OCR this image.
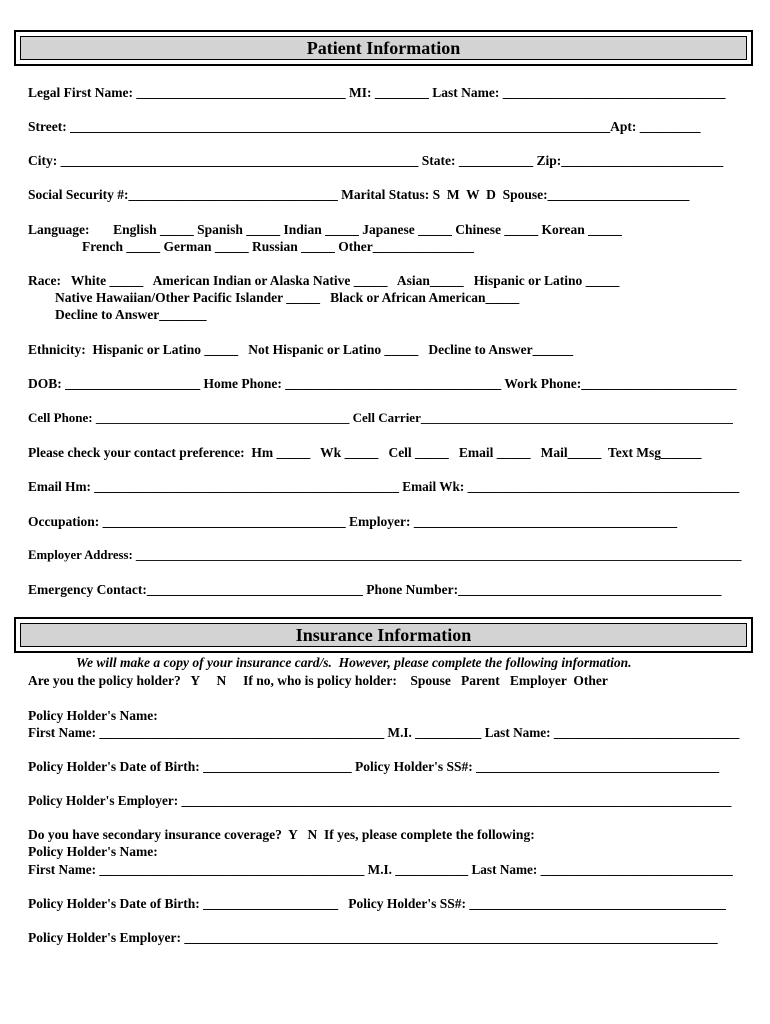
Patient Information
Legal First Name: _______________________________ MI: ________ Last Name: _________________________________
Street: ________________________________________________________________________________Apt: _________
City: _____________________________________________________ State: ___________ Zip:________________________
Social Security #:_______________________________ Marital Status: S  M  W  D  Spouse:_____________________
Language:       English _____ Spanish _____ Indian _____ Japanese _____ Chinese _____ Korean _____
French _____ German _____ Russian _____ Other_______________
Race:   White _____   American Indian or Alaska Native _____   Asian_____   Hispanic or Latino _____
Native Hawaiian/Other Pacific Islander _____   Black or African American_____
Decline to Answer_______
Ethnicity:  Hispanic or Latino _____   Not Hispanic or Latino _____   Decline to Answer______
DOB: ____________________ Home Phone: ________________________________ Work Phone:_______________________
Cell Phone: _______________________________________ Cell Carrier________________________________________________
Please check your contact preference:  Hm _____   Wk _____   Cell _____   Email _____   Mail_____  Text Msg______
Email Hm: ______________________________________________ Email Wk: _________________________________________
Occupation: ____________________________________ Employer: _______________________________________
Employer Address: _______________________________________________________________________________________________
Emergency Contact:________________________________ Phone Number:_______________________________________
Insurance Information
We will make a copy of your insurance card/s.  However, please complete the following information.
Are you the policy holder?   Y     N     If no, who is policy holder:    Spouse   Parent   Employer  Other
Policy Holder's Name:
First Name: ___________________________________________ M.I. __________ Last Name: ____________________________
Policy Holder's Date of Birth: ______________________ Policy Holder's SS#: ____________________________________
Policy Holder's Employer: ___________________________________________________________________________________
Do you have secondary insurance coverage?  Y   N  If yes, please complete the following:
Policy Holder's Name:
First Name: ________________________________________ M.I. ___________ Last Name: _____________________________
Policy Holder's Date of Birth: ____________________   Policy Holder's SS#: ______________________________________
Policy Holder's Employer: _______________________________________________________________________________
